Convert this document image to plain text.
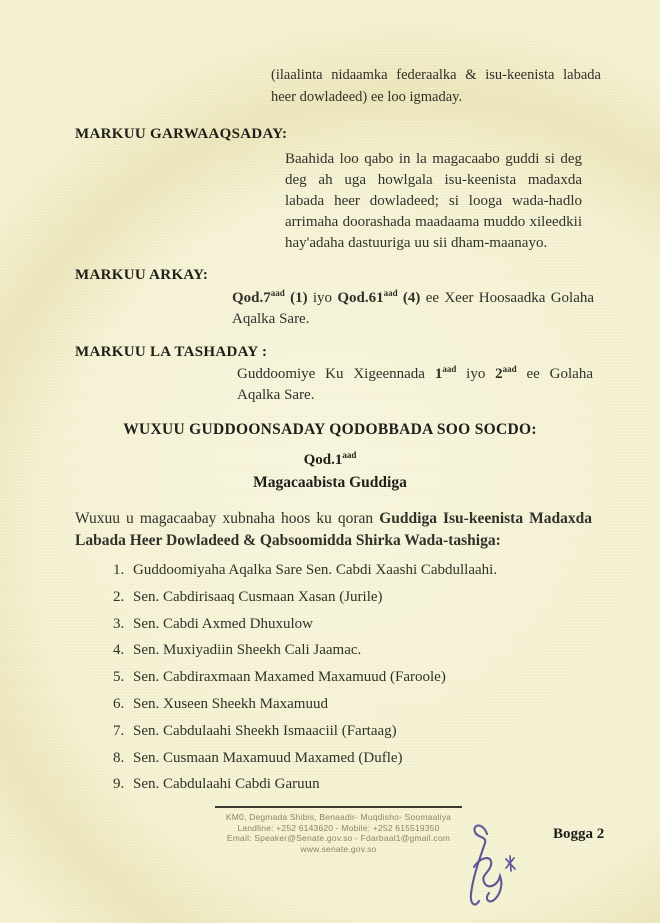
(ilaalinta nidaamka federaalka & isu-keenista labada heer dowladeed) ee loo igmaday.
MARKUU GARWAAQSADAY:
Baahida loo qabo in la magacaabo guddi si deg deg ah uga howlgala isu-keenista madaxda labada heer dowladeed; si looga wada-hadlo arrimaha doorashada maadaama muddo xileedkii hay'adaha dastuuriga uu sii dham-maanayo.
MARKUU ARKAY:
Qod.7$^{aad}$ (1) iyo Qod.61$^{aad}$ (4) ee Xeer Hoosaadka Golaha Aqalka Sare.
MARKUU LA TASHADAY :
Guddoomiye Ku Xigeennada $1^{aad}$ iyo $2^{aad}$ ee Golaha Aqalka Sare.
WUXUU GUDDOONSADAY QODOBBADA SOO SOCDO:
Qod.1$^{aad}$
Magacaabista Guddiga
Wuxuu u magacaabay xubnaha hoos ku qoran Guddiga Isu-keenista Madaxda Labada Heer Dowladeed & Qabsoomidda Shirka Wada-tashiga:
1. Guddoomiyaha Aqalka Sare Sen. Cabdi Xaashi Cabdullaahi.
2. Sen. Cabdirisaaq Cusmaan Xasan (Jurile)
3. Sen. Cabdi Axmed Dhuxulow
4. Sen. Muxiyadiin Sheekh Cali Jaamac.
5. Sen. Cabdiraxmaan Maxamed Maxamuud (Faroole)
6. Sen. Xuseen Sheekh Maxamuud
7. Sen. Cabdulaahi Sheekh Ismaaciil (Fartaag)
8. Sen. Cusmaan Maxamuud Maxamed (Dufle)
9. Sen. Cabdulaahi Cabdi Garuun
KM0, Degmada Shibis, Benaadir- Muqdisho- Soomaaliya
Landline: +252 6143620 - Mobile: +252 615519350
Email: Speaker@Senate.gov.so - Fdarbaal1@gmail.com
www.senate.gov.so
Bogga 2
